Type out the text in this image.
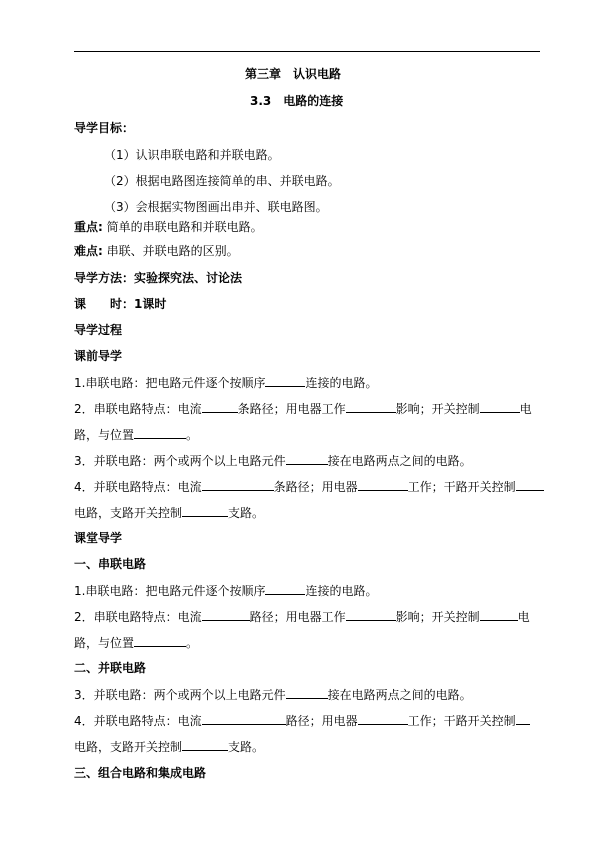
第三章　认识电路
3.3　电路的连接
导学目标：
（1）认识串联电路和并联电路。
（2）根据电路图连接简单的串、并联电路。
（3）会根据实物图画出串并、联电路图。
重点: 简单的串联电路和并联电路。
难点: 串联、并联电路的区别。
导学方法：实验探究法、讨论法
课　　时：1课时
导学过程
课前导学
1.串联电路：把电路元件逐个按顺序	连接的电路。
2．串联电路特点：电流	条路径；用电器工作	影响；开关控制	电
路，与位置	。
3．并联电路：两个或两个以上电路元件	接在电路两点之间的电路。
4．并联电路特点：电流	条路径；用电器	工作；干路开关控制
电路，支路开关控制	支路。
课堂导学
一、串联电路
1.串联电路：把电路元件逐个按顺序	连接的电路。
2．串联电路特点：电流	路径；用电器工作	影响；开关控制	电
路，与位置	。
二、并联电路
3．并联电路：两个或两个以上电路元件	接在电路两点之间的电路。
4．并联电路特点：电流	路径；用电器	工作；干路开关控制
电路，支路开关控制	支路。
三、组合电路和集成电路
